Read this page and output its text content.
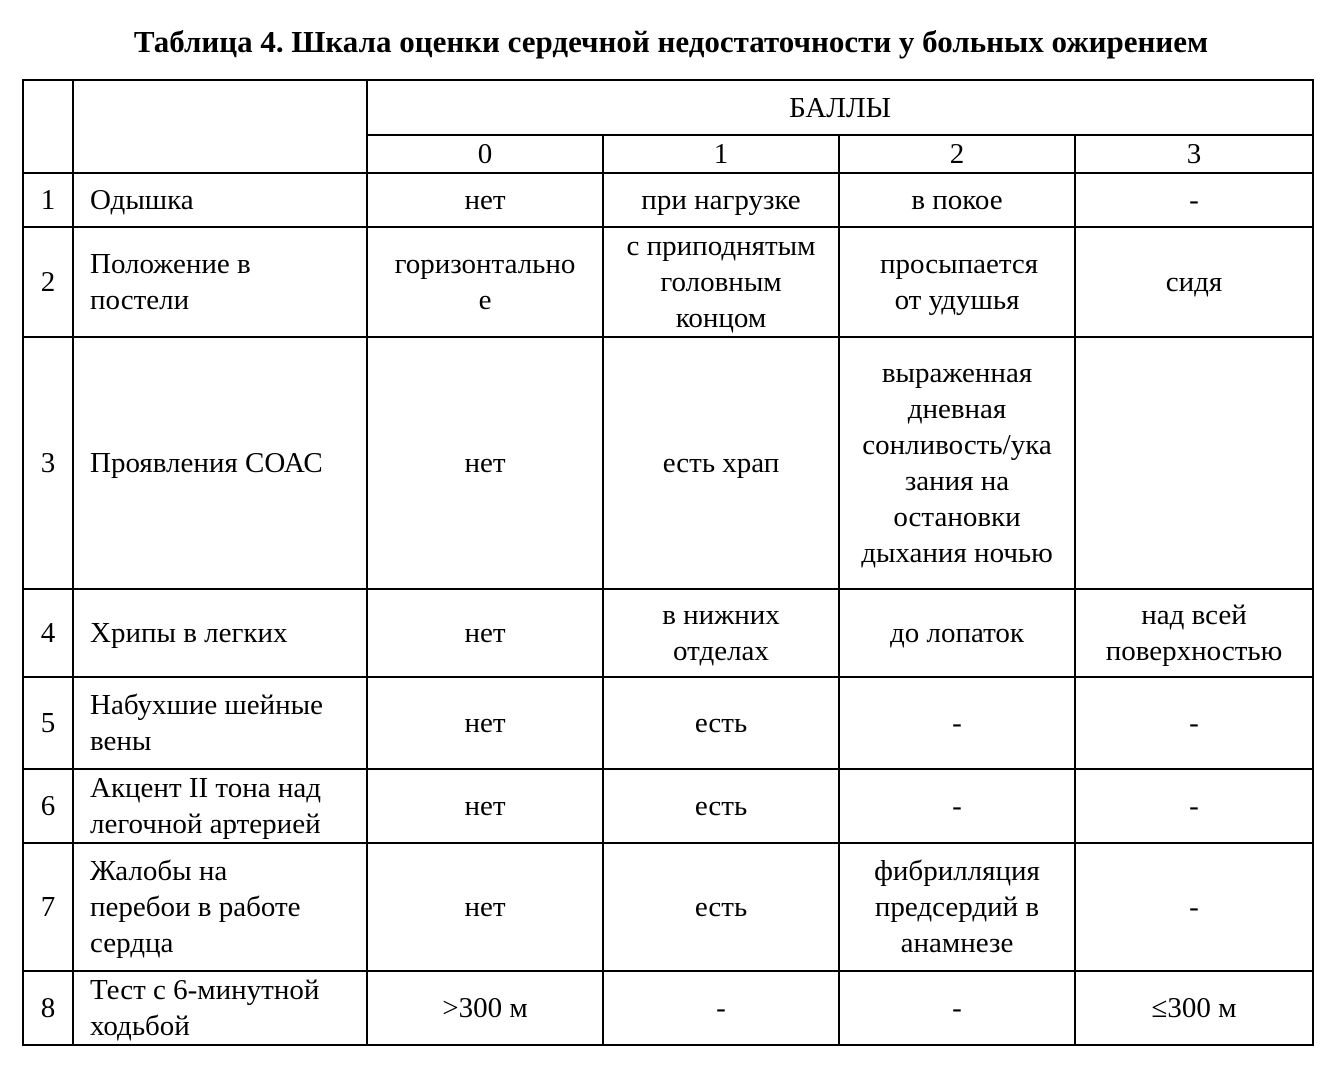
Таблица 4. Шкала оценки сердечной недостаточности у больных ожирением
		БАЛЛЫ			
		0	1	2	3
1	Одышка	нет	при нагрузке	в покое	-
2	Положение в постели	горизонтально е	с приподнятым головным концом	просыпается от удушья	сидя
3	Проявления СОАС	нет	есть храп	выраженная дневная сонливость/ука зания на остановки дыхания ночью	
4	Хрипы в легких	нет	в нижних отделах	до лопаток	над всей поверхностью
5	Набухшие шейные вены	нет	есть	-	-
6	Акцент II тона над легочной артерией	нет	есть	-	-
7	Жалобы на перебои в работе сердца	нет	есть	фибрилляция предсердий в анамнезе	-
8	Тест с 6-минутной ходьбой	>300 м	-	-	≤300 м
